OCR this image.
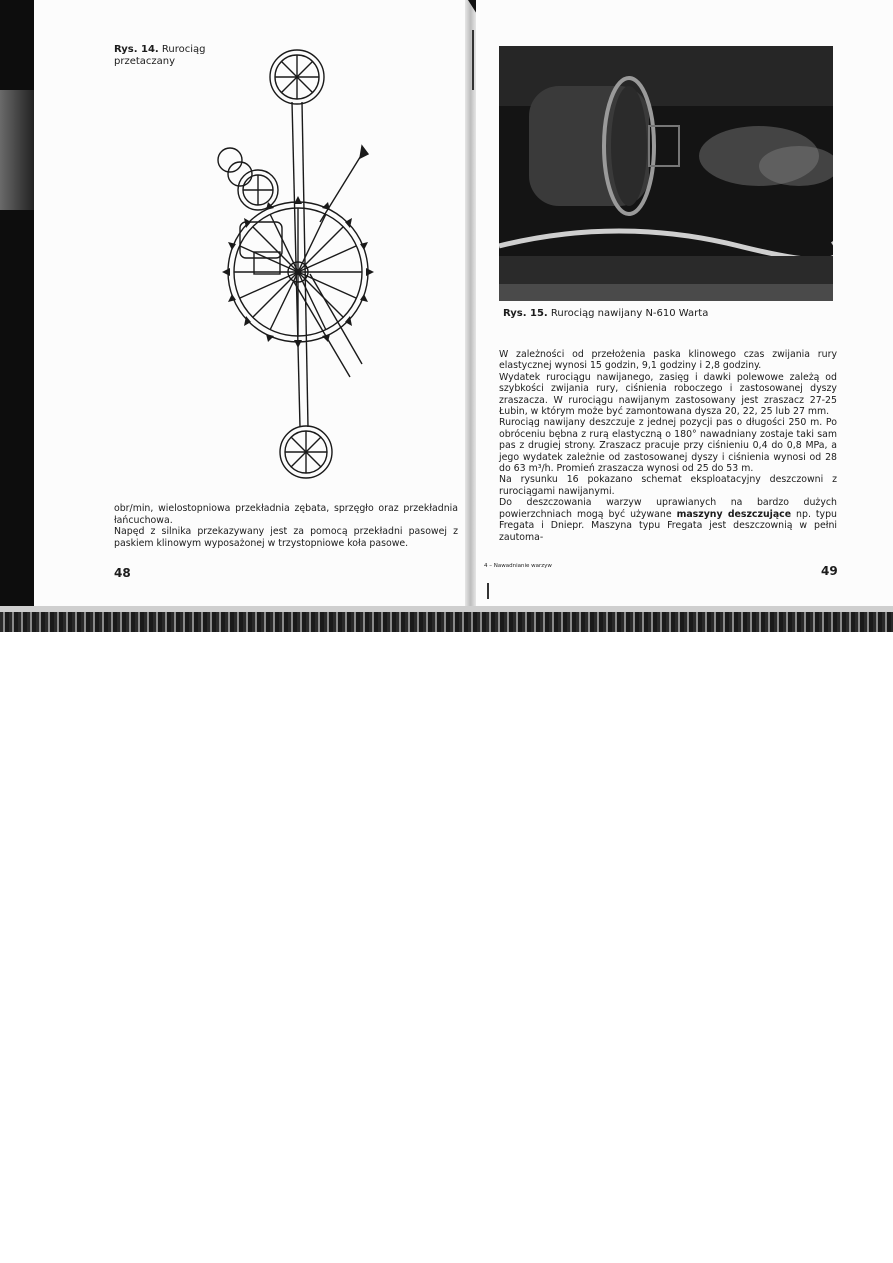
Rys. 14. Rurociąg przetaczany

obr/min, wielostopniowa przekładnia zębata, sprzęgło oraz przekładnia łańcuchowa.

Napęd z silnika przekazywany jest za pomocą przekładni pasowej z paskiem klinowym wyposażonej w trzystopniowe koła pasowe.

48
Rys. 15. Rurociąg nawijany N-610 Warta

W zależności od przełożenia paska klinowego czas zwijania rury elastycznej wynosi 15 godzin, 9,1 godziny i 2,8 godziny.

Wydatek rurociągu nawijanego, zasięg i dawki polewowe zależą od szybkości zwijania rury, ciśnienia roboczego i zastosowanej dyszy zraszacza. W rurociągu nawijanym zastosowany jest zraszacz 27-25 Łubin, w którym może być zamontowana dysza 20, 22, 25 lub 27 mm.

Rurociąg nawijany deszczuje z jednej pozycji pas o długości 250 m. Po obróceniu bębna z rurą elastyczną o 180° nawadniany zostaje taki sam pas z drugiej strony. Zraszacz pracuje przy ciśnieniu 0,4 do 0,8 MPa, a jego wydatek zależnie od zastosowanej dyszy i ciśnienia wynosi od 28 do 63 m³/h. Promień zraszacza wynosi od 25 do 53 m.

Na rysunku 16 pokazano schemat eksploatacyjny deszczowni z rurociągami nawijanymi.

Do deszczowania warzyw uprawianych na bardzo dużych powierzchniach mogą być używane maszyny deszczujące np. typu Fregata i Dniepr. Maszyna typu Fregata jest deszczownią w pełni zautoma-

4 – Nawadnianie warzyw	49
